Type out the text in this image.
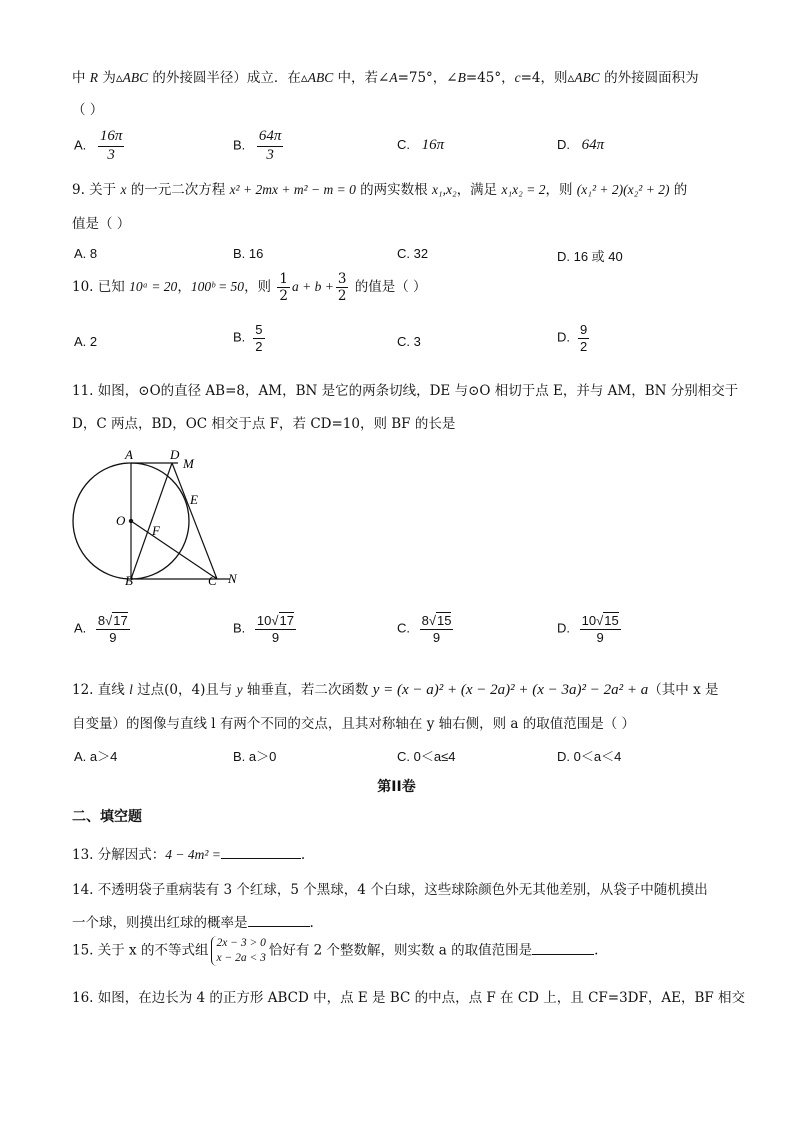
中 R 为▵ABC 的外接圆半径）成立．在▵ABC 中，若∠A=75°，∠B=45°，c=4，则▵ABC 的外接圆面积为
（ ）
A. $\frac{16\pi}{3}$	B. $\frac{64\pi}{3}$	C. 16π	D. 64π
9. 关于 x 的一元二次方程 x² + 2mx + m² − m = 0 的两实数根 x₁,x₂，满足 x₁x₂ = 2，则 (x₁² + 2)(x₂² + 2) 的
值是（ ）
A. 8	B. 16	C. 32	D. 16 或 40
10. 已知 10ᵃ = 20，100ᵇ = 50，则 $\frac{1}{2}$ $a + b + \frac{3}{2}$ 的值是（ ）
A. 2	B. $\frac{5}{2}$	C. 3	D. $\frac{9}{2}$
11. 如图，⊙O的直径 AB=8，AM，BN 是它的两条切线，DE 与⊙O 相切于点 E，并与 AM，BN 分别相交于
D，C 两点，BD，OC 相交于点 F，若 CD=10，则 BF 的长是
A	D
M
E
O
F
B	C N
A. $\frac{8√17}{9}$	B. $\frac{10√17}{9}$	C. $\frac{8√15}{9}$	D. $\frac{10√15}{9}$
12. 直线 l 过点(0，4)且与 y 轴垂直，若二次函数 y = (x − a)² + (x − 2a)² + (x − 3a)² − 2a² + a（其中 x 是
自变量）的图像与直线 l 有两个不同的交点，且其对称轴在 y 轴右侧，则 a 的取值范围是（ ）
A. a＞4	B. a＞0	C. 0＜a≤4	D. 0＜a＜4
第II卷
二、填空题
13. 分解因式：4 − 4m² =	.
14. 不透明袋子重病装有 3 个红球，5 个黑球，4 个白球，这些球除颜色外无其他差别，从袋子中随机摸出
一个球，则摸出红球的概率是	.
15. 关于 x 的不等式组 2x − 3 > 0
x − 2a < 3 恰好有 2 个整数解，则实数 a 的取值范围是	.
16. 如图，在边长为 4 的正方形 ABCD 中，点 E 是 BC 的中点，点 F 在 CD 上，且 CF=3DF，AE，BF 相交
